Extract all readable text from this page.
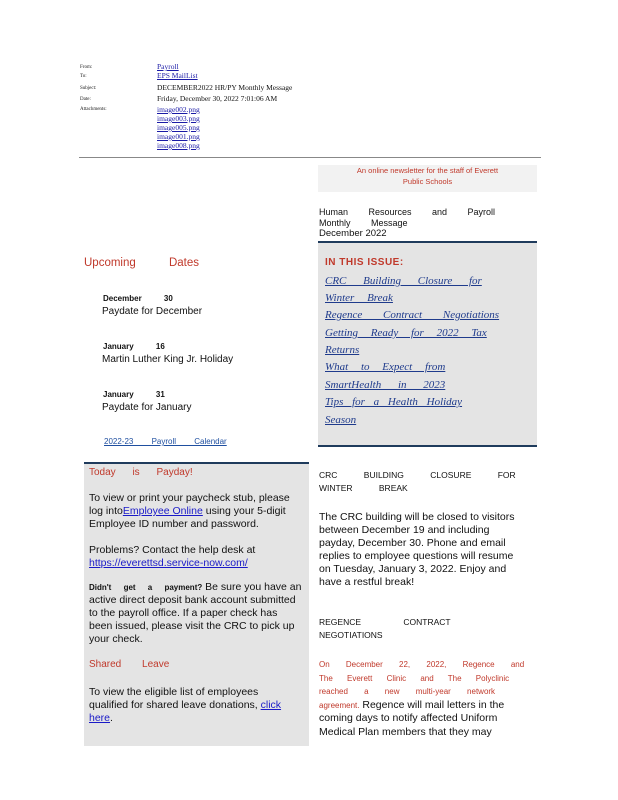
From:	Payroll
To:	EPS MailList
Subject:	DECEMBER2022 HR/PY Monthly Message
Date:	Friday, December 30, 2022 7:01:06 AM
Attachments:	image002.png
image003.png
image005.png
image001.png
image008.png
An online newsletter for the staff of Everett
Public Schools
Human Resources and Payroll
Monthly Message
December 2022
IN THIS ISSUE:
CRC Building Closure for
Winter Break
Regence Contract Negotiations
Getting Ready for 2022 Tax
Returns
What to Expect from
SmartHealth in 2023
Tips for a Health Holiday
Season
Upcoming Dates
December 30
Paydate for December
January 16
Martin Luther King Jr. Holiday
January 31
Paydate for January
2022-23 Payroll Calendar
Today is Payday!
To view or print your paycheck stub, please
log intoEmployee Online using your 5-digit
Employee ID number and password.
Problems? Contact the help desk at
https://everettsd.service-now.com/
Didn't get a payment? Be sure you have an
active direct deposit bank account submitted
to the payroll office. If a paper check has
been issued, please visit the CRC to pick up
your check.
Shared Leave
To view the eligible list of employees
qualified for shared leave donations, click
here.
CRC BUILDING CLOSURE FOR
WINTER BREAK
The CRC building will be closed to visitors
between December 19 and including
payday, December 30. Phone and email
replies to employee questions will resume
on Tuesday, January 3, 2022. Enjoy and
have a restful break!
REGENCE CONTRACT
NEGOTIATIONS
On December 22, 2022, Regence and
The Everett Clinic and The Polyclinic
reached a new multi-year network
agreement. Regence will mail letters in the
coming days to notify affected Uniform
Medical Plan members that they may
